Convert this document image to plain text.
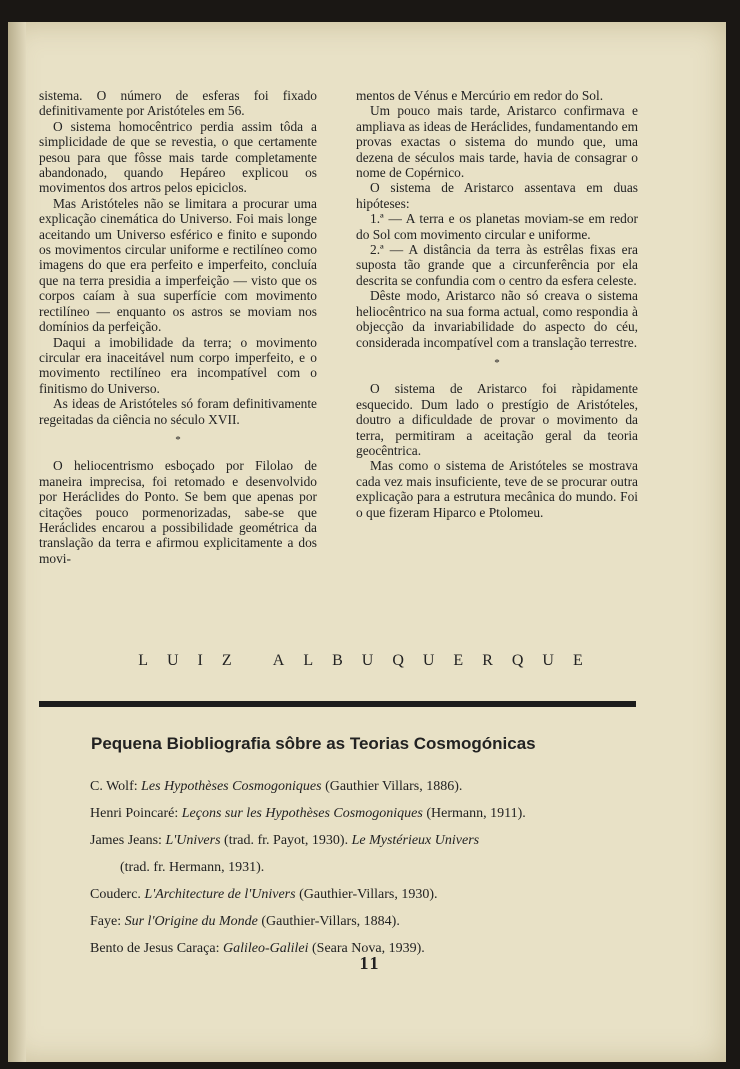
sistema. O número de esferas foi fixado definitivamente por Aristóteles em 56.

O sistema homocêntrico perdia assim tôda a simplicidade de que se revestia, o que certamente pesou para que fôsse mais tarde completamente abandonado, quando Hepáreo explicou os movimentos dos artros pelos epiciclos.

Mas Aristóteles não se limitara a procurar uma explicação cinemática do Universo. Foi mais longe aceitando um Universo esférico e finito e supondo os movimentos circular uniforme e rectilíneo como imagens do que era perfeito e imperfeito, concluía que na terra presidia a imperfeição — visto que os corpos caíam à sua superfície com movimento rectilíneo — enquanto os astros se moviam nos domínios da perfeição.

Daqui a imobilidade da terra; o movimento circular era inaceitável num corpo imperfeito, e o movimento rectilíneo era incompatível com o finitismo do Universo.

As ideas de Aristóteles só foram definitivamente regeitadas da ciência no século XVII.

*

O heliocentrismo esboçado por Filolao de maneira imprecisa, foi retomado e desenvolvido por Heráclides do Ponto. Se bem que apenas por citações pouco pormenorizadas, sabe-se que Heráclides encarou a possibilidade geométrica da translação da terra e afirmou explicitamente a dos movi-

mentos de Vénus e Mercúrio em redor do Sol.

Um pouco mais tarde, Aristarco confirmava e ampliava as ideas de Heráclides, fundamentando em provas exactas o sistema do mundo que, uma dezena de séculos mais tarde, havia de consagrar o nome de Copérnico.

O sistema de Aristarco assentava em duas hipóteses:

1.ª — A terra e os planetas moviam-se em redor do Sol com movimento circular e uniforme.

2.ª — A distância da terra às estrêlas fixas era suposta tão grande que a circunferência por ela descrita se confundia com o centro da esfera celeste.

Dêste modo, Aristarco não só creava o sistema heliocêntrico na sua forma actual, como respondia à objecção da invariabilidade do aspecto do céu, considerada incompatível com a translação terrestre.

*

O sistema de Aristarco foi ràpidamente esquecido. Dum lado o prestígio de Aristóteles, doutro a dificuldade de provar o movimento da terra, permitiram a aceitação geral da teoria geocêntrica.

Mas como o sistema de Aristóteles se mostrava cada vez mais insuficiente, teve de se procurar outra explicação para a estrutura mecânica do mundo. Foi o que fizeram Hiparco e Ptolomeu.

LUIZ ALBUQUERQUE
Pequena Biobliografia sôbre as Teorias Cosmogónicas
C. Wolf: Les Hypothèses Cosmogoniques (Gauthier Villars, 1886).
Henri Poincaré: Leçons sur les Hypothèses Cosmogoniques (Hermann, 1911).
James Jeans: L'Univers (trad. fr. Payot, 1930). Le Mystérieux Univers
(trad. fr. Hermann, 1931).
Couderc. L'Architecture de l'Univers (Gauthier-Villars, 1930).
Faye: Sur l'Origine du Monde (Gauthier-Villars, 1884).
Bento de Jesus Caraça: Galileo-Galilei (Seara Nova, 1939).
11
